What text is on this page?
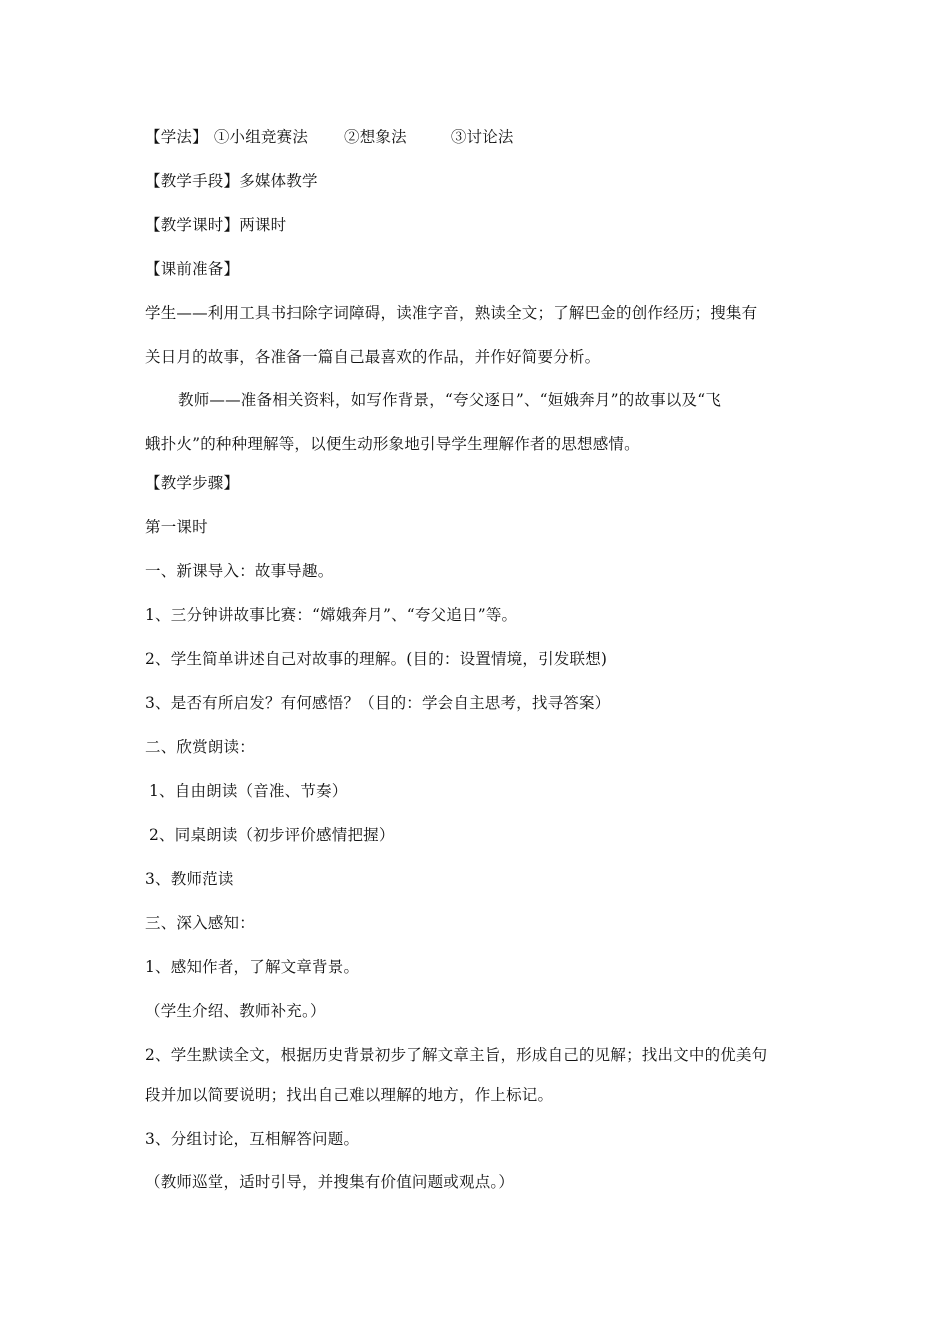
【学法】 ①小组竞赛法 ②想象法	③讨论法
【教学手段】多媒体教学
【教学课时】两课时
【课前准备】
学生——利用工具书扫除字词障碍，读准字音，熟读全文；了解巴金的创作经历；搜集有
关日月的故事，各准备一篇自己最喜欢的作品，并作好简要分析。
教师——准备相关资料，如写作背景，“夸父逐日”、“姮娥奔月”的故事以及“飞
蛾扑火”的种种理解等，以便生动形象地引导学生理解作者的思想感情。
【教学步骤】
第一课时
一、新课导入：故事导趣。
1、三分钟讲故事比赛：“嫦娥奔月”、“夸父追日”等。
2、学生简单讲述自己对故事的理解。(目的：设置情境，引发联想)
3、是否有所启发？有何感悟？（目的：学会自主思考，找寻答案）
二、欣赏朗读：
1、自由朗读（音准、节奏）
2、同桌朗读（初步评价感情把握）
3、教师范读
三、深入感知：
1、感知作者，了解文章背景。
（学生介绍、教师补充。）
2、学生默读全文，根据历史背景初步了解文章主旨，形成自己的见解；找出文中的优美句
段并加以简要说明；找出自己难以理解的地方，作上标记。
3、分组讨论，互相解答问题。
（教师巡堂，适时引导，并搜集有价值问题或观点。）
